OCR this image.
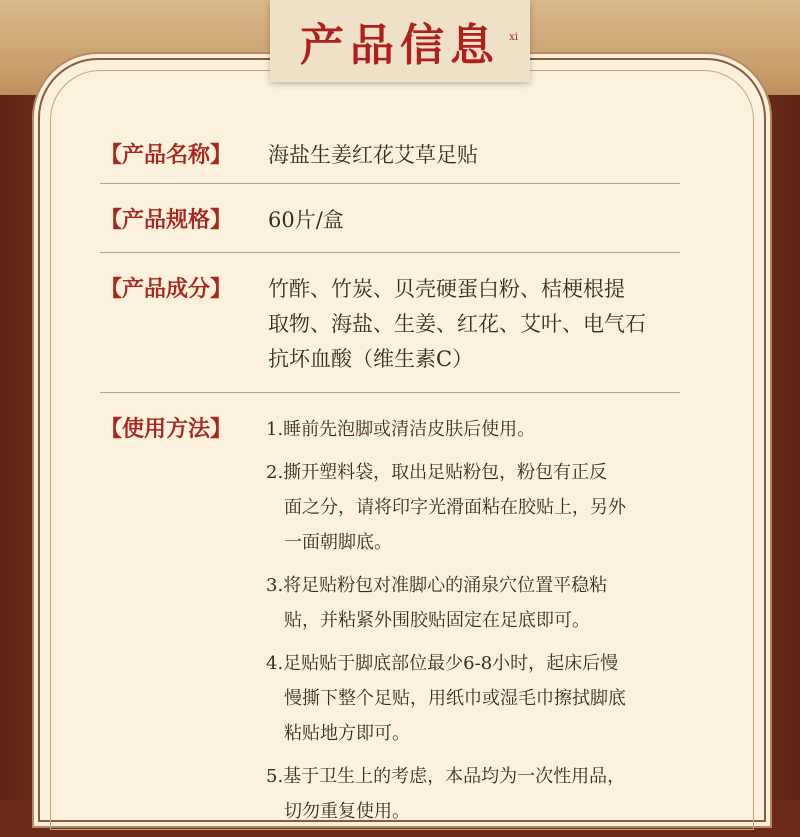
产品信息 xi
【产品名称】 海盐生姜红花艾草足贴
【产品规格】 60片/盒
【产品成分】 竹酢、竹炭、贝壳硬蛋白粉、桔梗根提
取物、海盐、生姜、红花、艾叶、电气石
抗坏血酸（维生素C）
【使用方法】 1.睡前先泡脚或清洁皮肤后使用。
2.撕开塑料袋，取出足贴粉包，粉包有正反
面之分，请将印字光滑面粘在胶贴上，另外
一面朝脚底。
3.将足贴粉包对准脚心的涌泉穴位置平稳粘
贴，并粘紧外围胶贴固定在足底即可。
4.足贴贴于脚底部位最少6-8小时，起床后慢
慢撕下整个足贴，用纸巾或湿毛巾擦拭脚底
粘贴地方即可。
5.基于卫生上的考虑，本品均为一次性用品，
切勿重复使用。
